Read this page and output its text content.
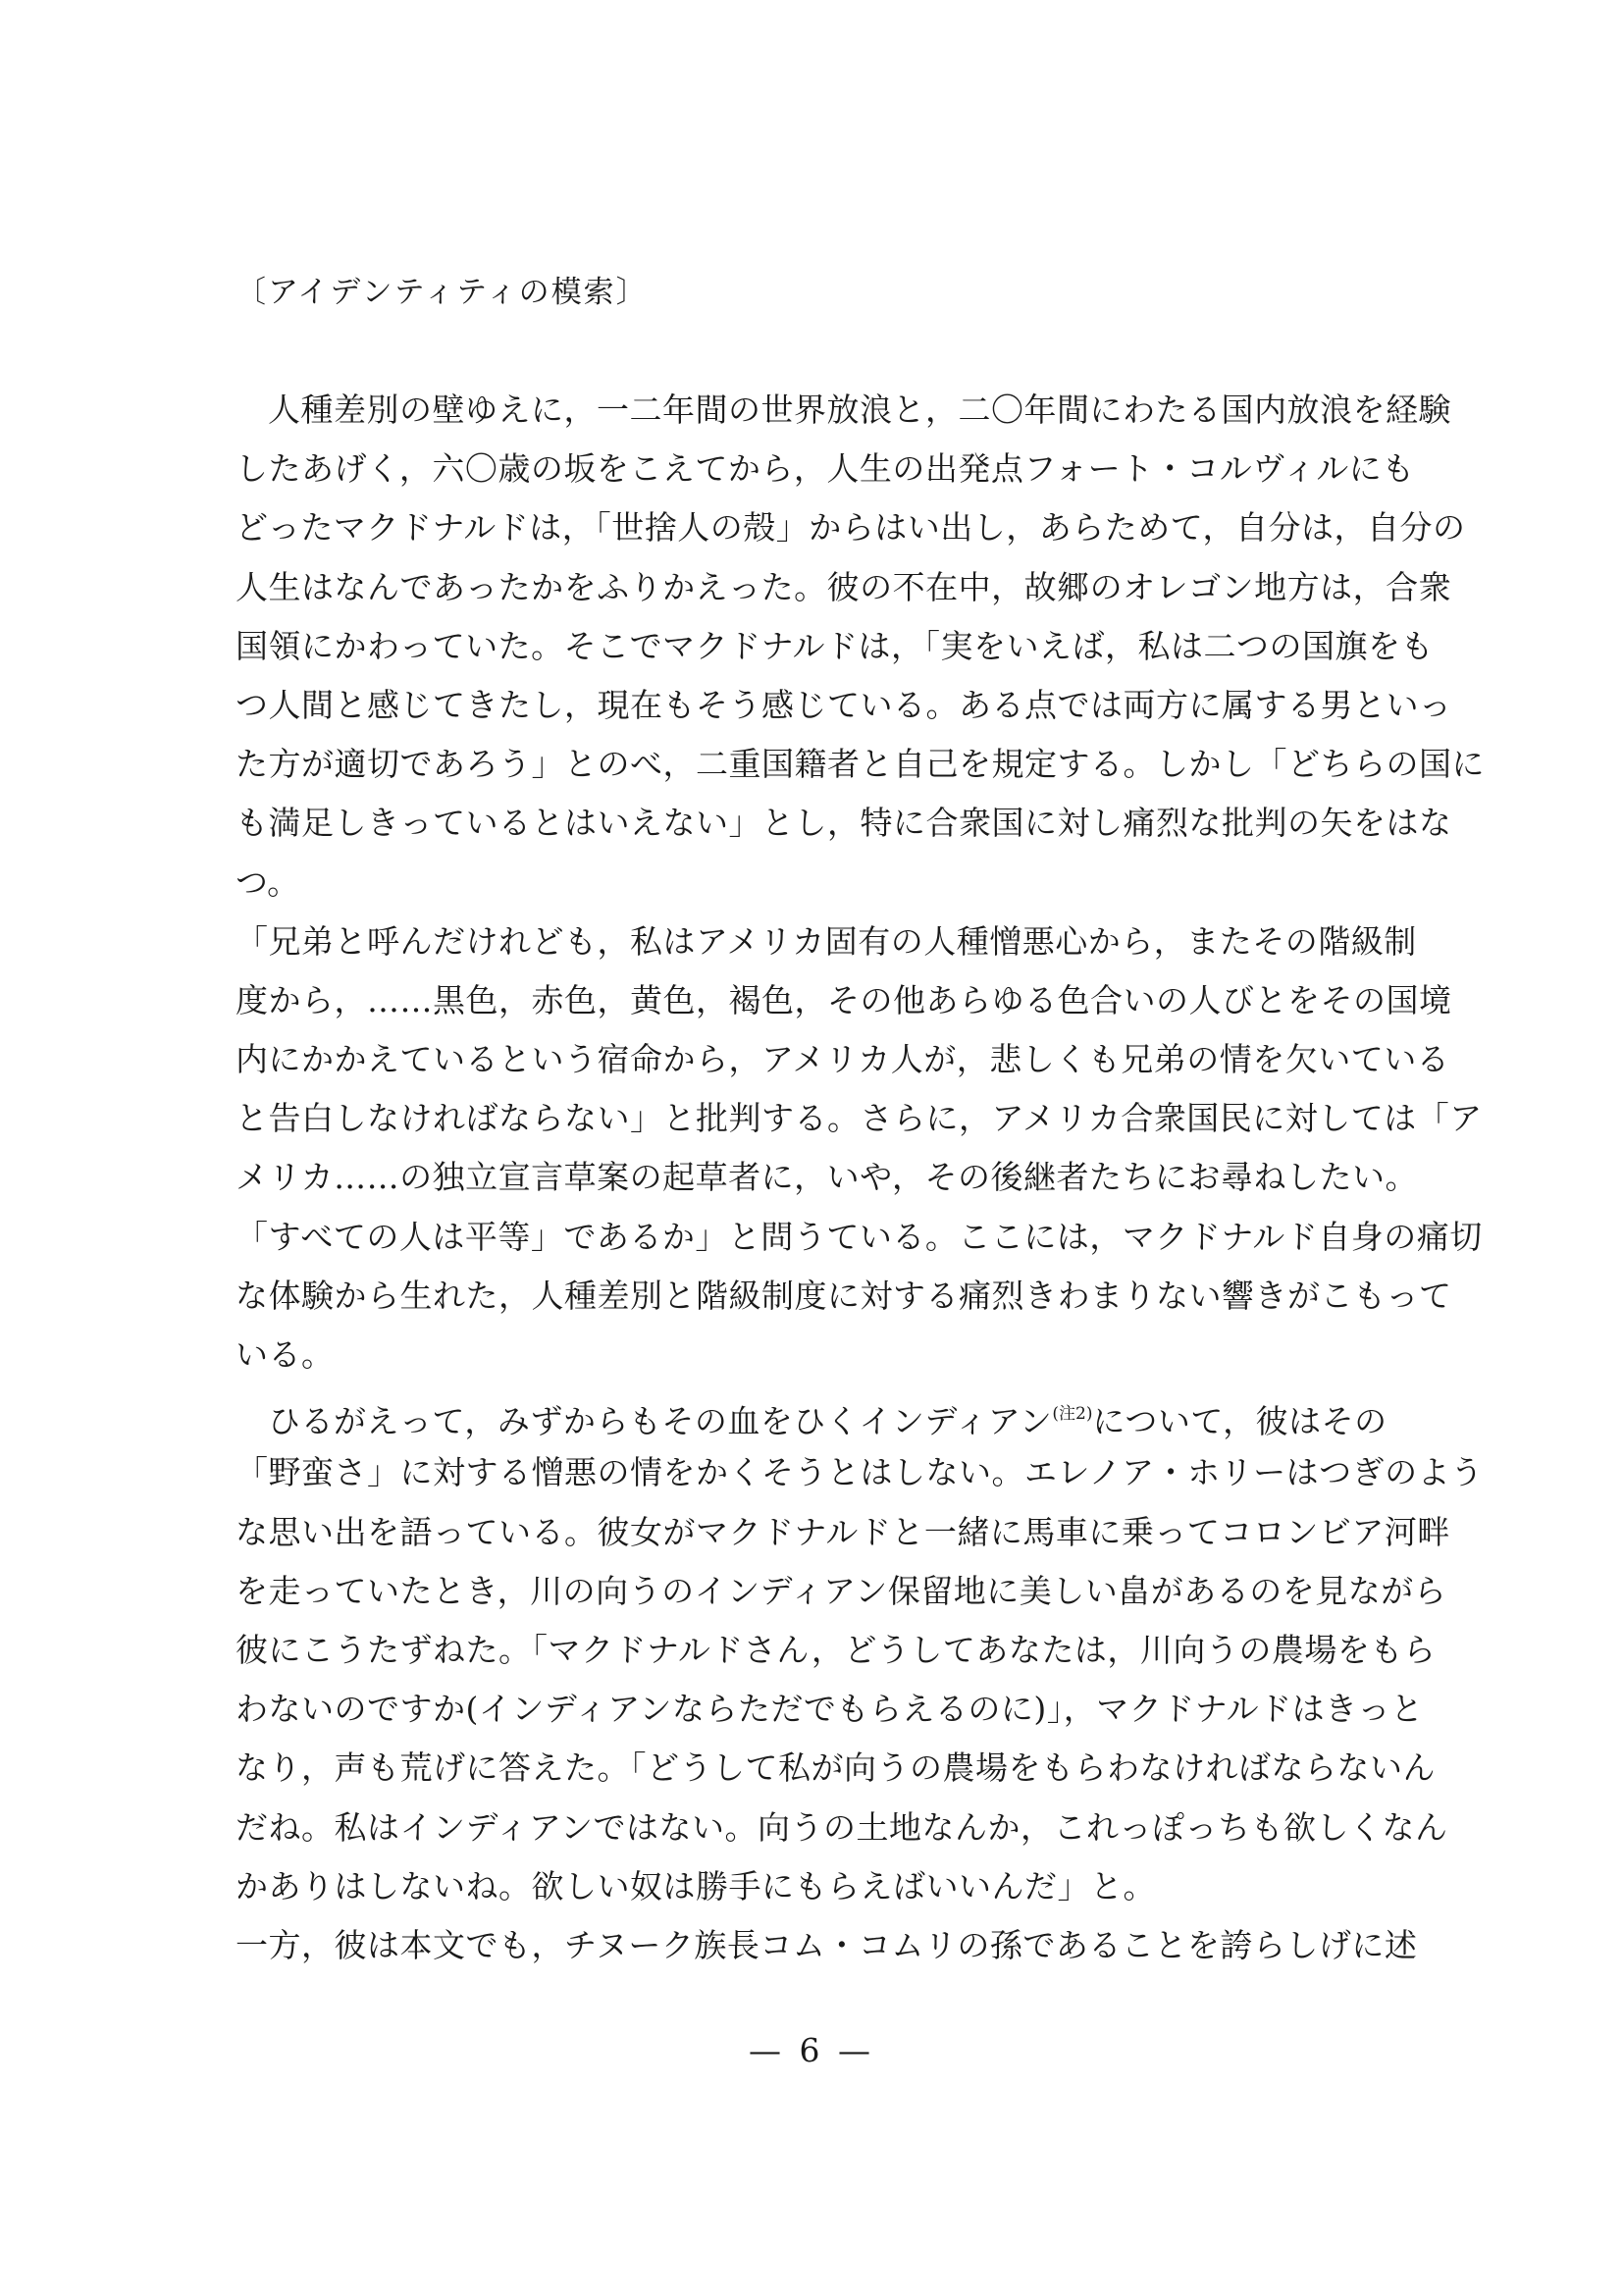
〔アイデンティティの模索〕
人種差別の壁ゆえに，一二年間の世界放浪と，二〇年間にわたる国内放浪を経験
したあげく，六〇歳の坂をこえてから，人生の出発点フォート・コルヴィルにも
どったマクドナルドは，「世捨人の殻」からはい出し，あらためて，自分は，自分の
人生はなんであったかをふりかえった。彼の不在中，故郷のオレゴン地方は，合衆
国領にかわっていた。そこでマクドナルドは，「実をいえば，私は二つの国旗をも
つ人間と感じてきたし，現在もそう感じている。ある点では両方に属する男といっ
た方が適切であろう」とのべ，二重国籍者と自己を規定する。しかし「どちらの国に
も満足しきっているとはいえない」とし，特に合衆国に対し痛烈な批判の矢をはな
つ。
「兄弟と呼んだけれども，私はアメリカ固有の人種憎悪心から，またその階級制
度から，……黒色，赤色，黄色，褐色，その他あらゆる色合いの人びとをその国境
内にかかえているという宿命から，アメリカ人が，悲しくも兄弟の情を欠いている
と告白しなければならない」と批判する。さらに，アメリカ合衆国民に対しては「ア
メリカ……の独立宣言草案の起草者に，いや，その後継者たちにお尋ねしたい。
「すべての人は平等」であるか」と問うている。ここには，マクドナルド自身の痛切
な体験から生れた，人種差別と階級制度に対する痛烈きわまりない響きがこもって
いる。
ひるがえって，みずからもその血をひくインディアン$^{(注2)}$について，彼はその
「野蛮さ」に対する憎悪の情をかくそうとはしない。エレノア・ホリーはつぎのよう
な思い出を語っている。彼女がマクドナルドと一緒に馬車に乗ってコロンビア河畔
を走っていたとき，川の向うのインディアン保留地に美しい畠があるのを見ながら
彼にこうたずねた。「マクドナルドさん，どうしてあなたは，川向うの農場をもら
わないのですか(インディアンならただでもらえるのに)」，マクドナルドはきっと
なり，声も荒げに答えた。「どうして私が向うの農場をもらわなければならないん
だね。私はインディアンではない。向うの土地なんか，これっぽっちも欲しくなん
かありはしないね。欲しい奴は勝手にもらえばいいんだ」と。
一方，彼は本文でも，チヌーク族長コム・コムリの孫であることを誇らしげに述
— 6 —
